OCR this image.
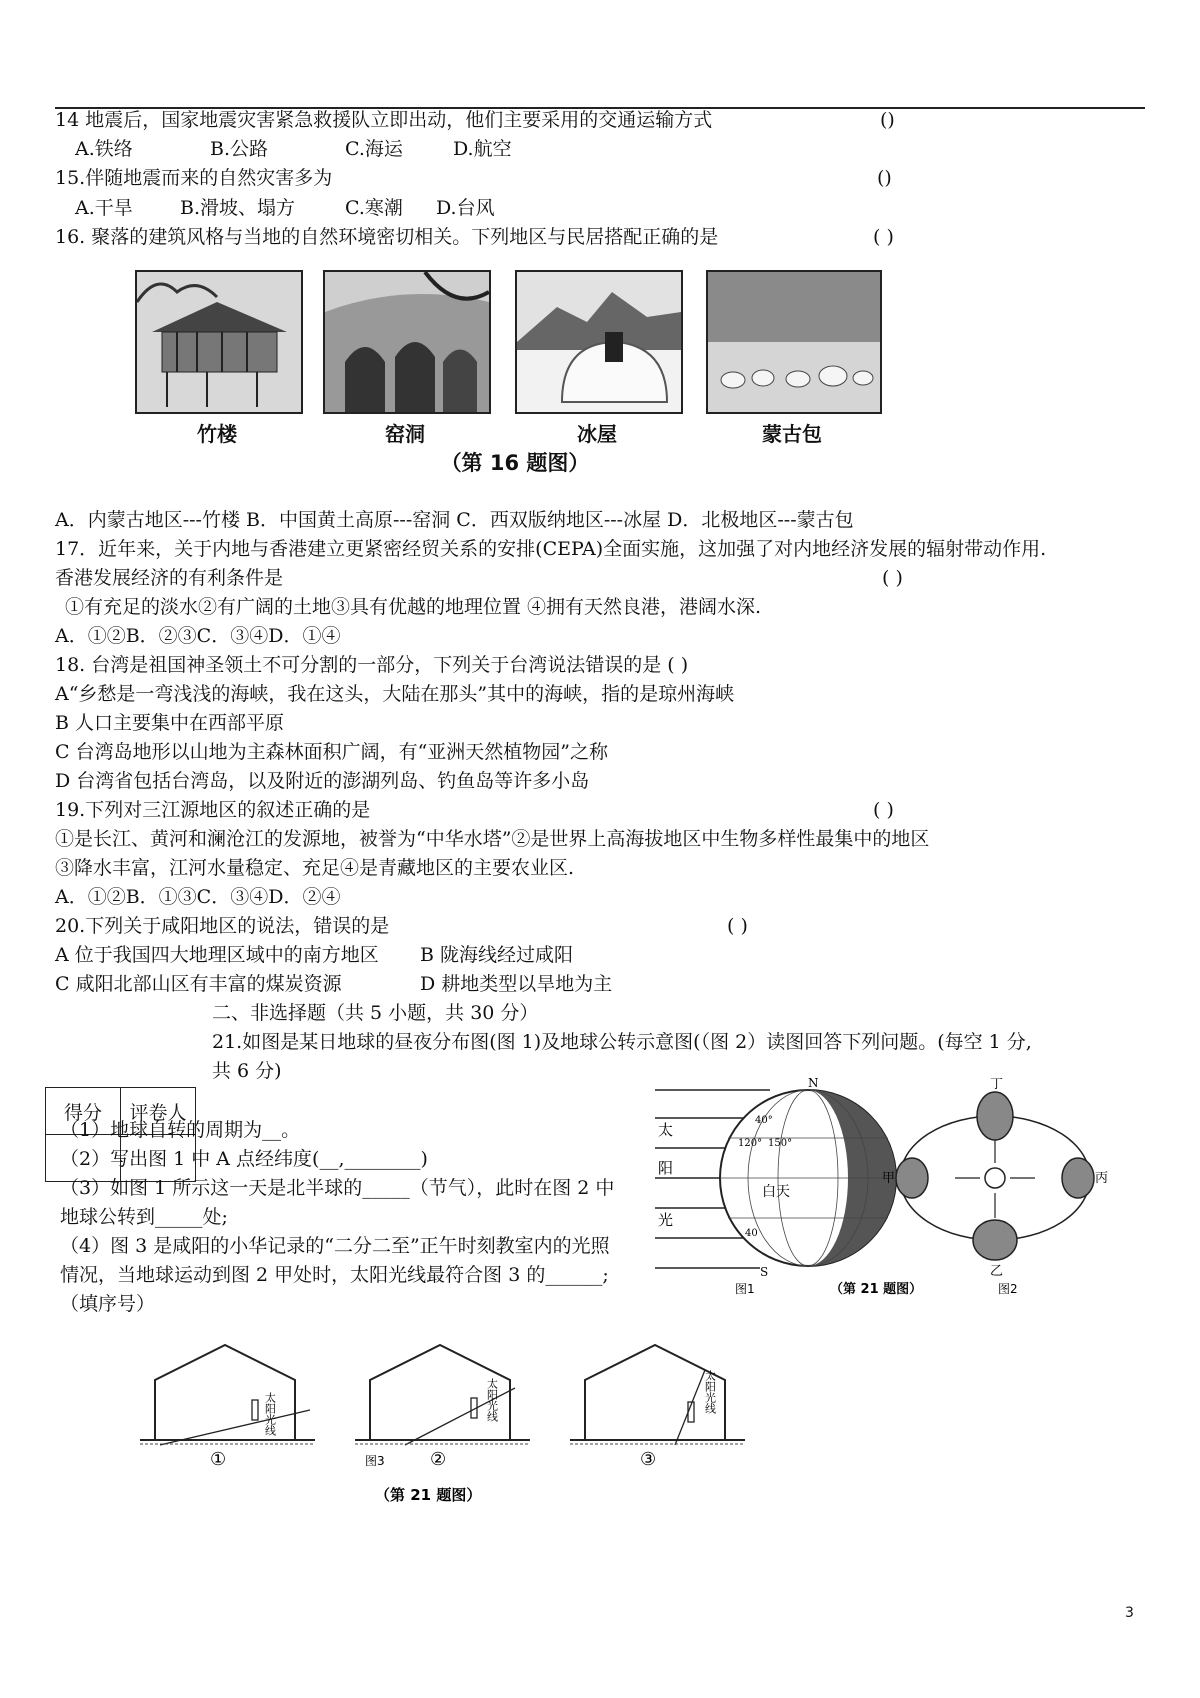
14 地震后，国家地震灾害紧急救援队立即出动，他们主要采用的交通运输方式	()
A.铁络	B.公路	C.海运	D.航空
15.伴随地震而来的自然灾害多为	()
A.干旱 B.滑坡、塌方	C.寒潮 D.台风
16. 聚落的建筑风格与当地的自然环境密切相关。下列地区与民居搭配正确的是	( )
竹楼	窑洞	冰屋	蒙古包
（第 16 题图）
A．内蒙古地区---竹楼 B．中国黄土高原---窑洞 C．西双版纳地区---冰屋 D．北极地区---蒙古包
17．近年来，关于内地与香港建立更紧密经贸关系的安排(CEPA)全面实施，这加强了对内地经济发展的辐射带动作用.
香港发展经济的有利条件是	( )
①有充足的淡水②有广阔的土地③具有优越的地理位置 ④拥有天然良港，港阔水深.
A．①②B．②③C．③④D．①④
18. 台湾是祖国神圣领土不可分割的一部分，下列关于台湾说法错误的是 ( )
A“乡愁是一弯浅浅的海峡，我在这头，大陆在那头”其中的海峡，指的是琼州海峡
B 人口主要集中在西部平原
C 台湾岛地形以山地为主森林面积广阔，有“亚洲天然植物园”之称
D 台湾省包括台湾岛，以及附近的澎湖列岛、钓鱼岛等许多小岛
19.下列对三江源地区的叙述正确的是	( )
①是长江、黄河和澜沧江的发源地，被誉为“中华水塔”②是世界上高海拔地区中生物多样性最集中的地区
③降水丰富，江河水量稳定、充足④是青藏地区的主要农业区.
A．①②B．①③C．③④D．②④
20.下列关于咸阳地区的说法，错误的是	( )
A 位于我国四大地理区域中的南方地区 B 陇海线经过咸阳
C 咸阳北部山区有丰富的煤炭资源	D 耕地类型以旱地为主
得分	评卷人

二、非选择题（共 5 小题，共 30 分）
21.如图是某日地球的昼夜分布图(图 1)及地球公转示意图(（图 2）读图回答下列问题。(每空 1 分,
共 6 分)
（1）地球自转的周期为__。
（2）写出图 1 中 A 点经纬度(__,________)
（3）如图 1 所示这一天是北半球的_____（节气），此时在图 2 中
地球公转到_____处;
（4）图 3 是咸阳的小华记录的“二分二至”正午时刻教室内的光照
情况，当地球运动到图 2 甲处时，太阳光线最符合图 3 的______;
（填序号）
N
S
太
阳
光
白天
A
40°
120° 150°
40
丁
甲	丙
乙
图1	（第 21 题图）	图2
太阳光线	太阳光线	太阳光线
①	图3	②	③
（第 21 题图）
3
